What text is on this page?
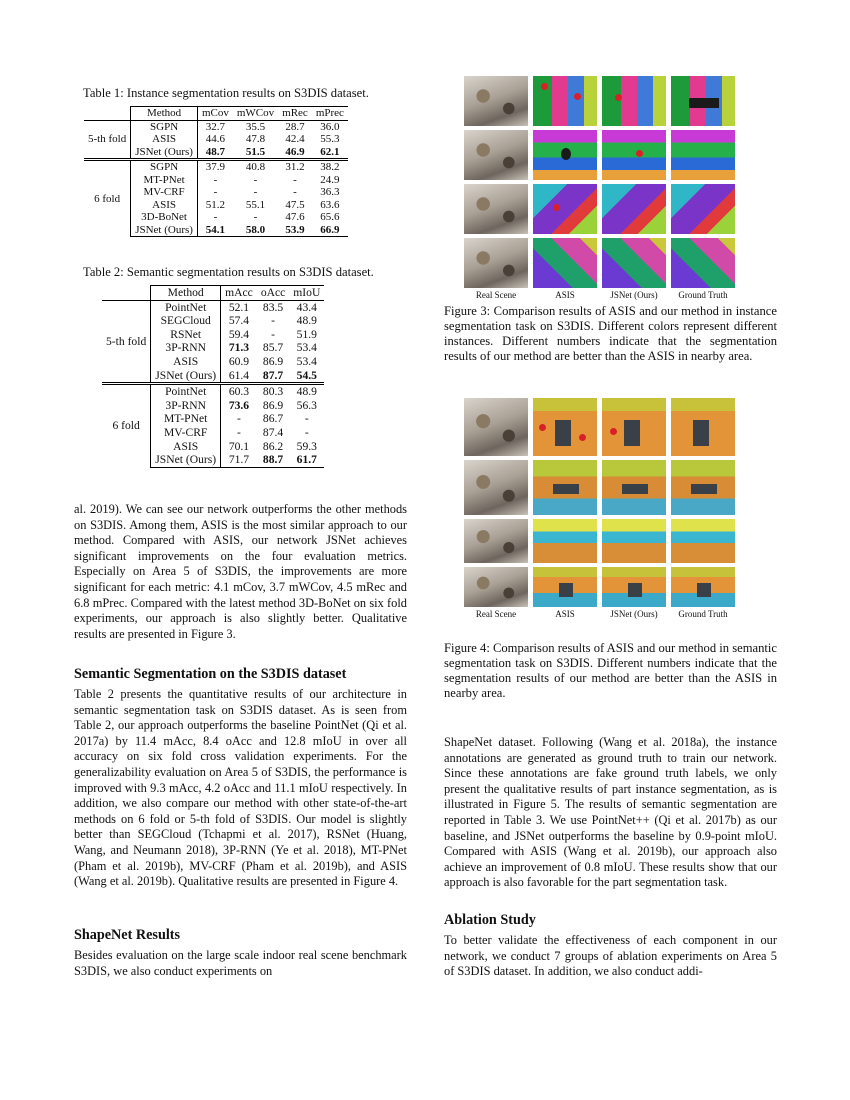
Table 1: Instance segmentation results on S3DIS dataset.
	Method	mCov	mWCov	mRec	mPrec
5-th fold	SGPN	32.7	35.5	28.7	36.0
	ASIS	44.6	47.8	42.4	55.3
	JSNet (Ours)	48.7	51.5	46.9	62.1
6 fold	SGPN	37.9	40.8	31.2	38.2
	MT-PNet	-	-	-	24.9
	MV-CRF	-	-	-	36.3
	ASIS	51.2	55.1	47.5	63.6
	3D-BoNet	-	-	47.6	65.6
	JSNet (Ours)	54.1	58.0	53.9	66.9
Table 2: Semantic segmentation results on S3DIS dataset.
	Method	mAcc	oAcc	mIoU
5-th fold	PointNet	52.1	83.5	43.4
	SEGCloud	57.4	-	48.9
	RSNet	59.4	-	51.9
	3P-RNN	71.3	85.7	53.4
	ASIS	60.9	86.9	53.4
	JSNet (Ours)	61.4	87.7	54.5
6 fold	PointNet	60.3	80.3	48.9
	3P-RNN	73.6	86.9	56.3
	MT-PNet	-	86.7	-
	MV-CRF	-	87.4	-
	ASIS	70.1	86.2	59.3
	JSNet (Ours)	71.7	88.7	61.7
al. 2019). We can see our network outperforms the other methods on S3DIS. Among them, ASIS is the most similar approach to our method. Compared with ASIS, our network JSNet achieves significant improvements on the four evaluation metrics. Especially on Area 5 of S3DIS, the improvements are more significant for each metric: 4.1 mCov, 3.7 mWCov, 4.5 mRec and 6.8 mPrec. Compared with the latest method 3D-BoNet on six fold experiments, our approach is also slightly better. Qualitative results are presented in Figure 3.
Semantic Segmentation on the S3DIS dataset
Table 2 presents the quantitative results of our architecture in semantic segmentation task on S3DIS dataset. As is seen from Table 2, our approach outperforms the baseline PointNet (Qi et al. 2017a) by 11.4 mAcc, 8.4 oAcc and 12.8 mIoU in over all accuracy on six fold cross validation experiments. For the generalizability evaluation on Area 5 of S3DIS, the performance is improved with 9.3 mAcc, 4.2 oAcc and 11.1 mIoU respectively. In addition, we also compare our method with other state-of-the-art methods on 6 fold or 5-th fold of S3DIS. Our model is slightly better than SEGCloud (Tchapmi et al. 2017), RSNet (Huang, Wang, and Neumann 2018), 3P-RNN (Ye et al. 2018), MT-PNet (Pham et al. 2019b), MV-CRF (Pham et al. 2019b), and ASIS (Wang et al. 2019b). Qualitative results are presented in Figure 4.
ShapeNet Results
Besides evaluation on the large scale indoor real scene benchmark S3DIS, we also conduct experiments on
Real Scene	ASIS	JSNet (Ours)	Ground Truth
Figure 3: Comparison results of ASIS and our method in instance segmentation task on S3DIS. Different colors represent different instances. Different numbers indicate that the segmentation results of our method are better than the ASIS in nearby area.
Real Scene	ASIS	JSNet (Ours)	Ground Truth
Figure 4: Comparison results of ASIS and our method in semantic segmentation task on S3DIS. Different numbers indicate that the segmentation results of our method are better than the ASIS in nearby area.
ShapeNet dataset. Following (Wang et al. 2018a), the instance annotations are generated as ground truth to train our network. Since these annotations are fake ground truth labels, we only present the qualitative results of part instance segmentation, as is illustrated in Figure 5. The results of semantic segmentation are reported in Table 3. We use PointNet++ (Qi et al. 2017b) as our baseline, and JSNet outperforms the baseline by 0.9-point mIoU. Compared with ASIS (Wang et al. 2019b), our approach also achieve an improvement of 0.8 mIoU. These results show that our approach is also favorable for the part segmentation task.
Ablation Study
To better validate the effectiveness of each component in our network, we conduct 7 groups of ablation experiments on Area 5 of S3DIS dataset. In addition, we also conduct addi-
